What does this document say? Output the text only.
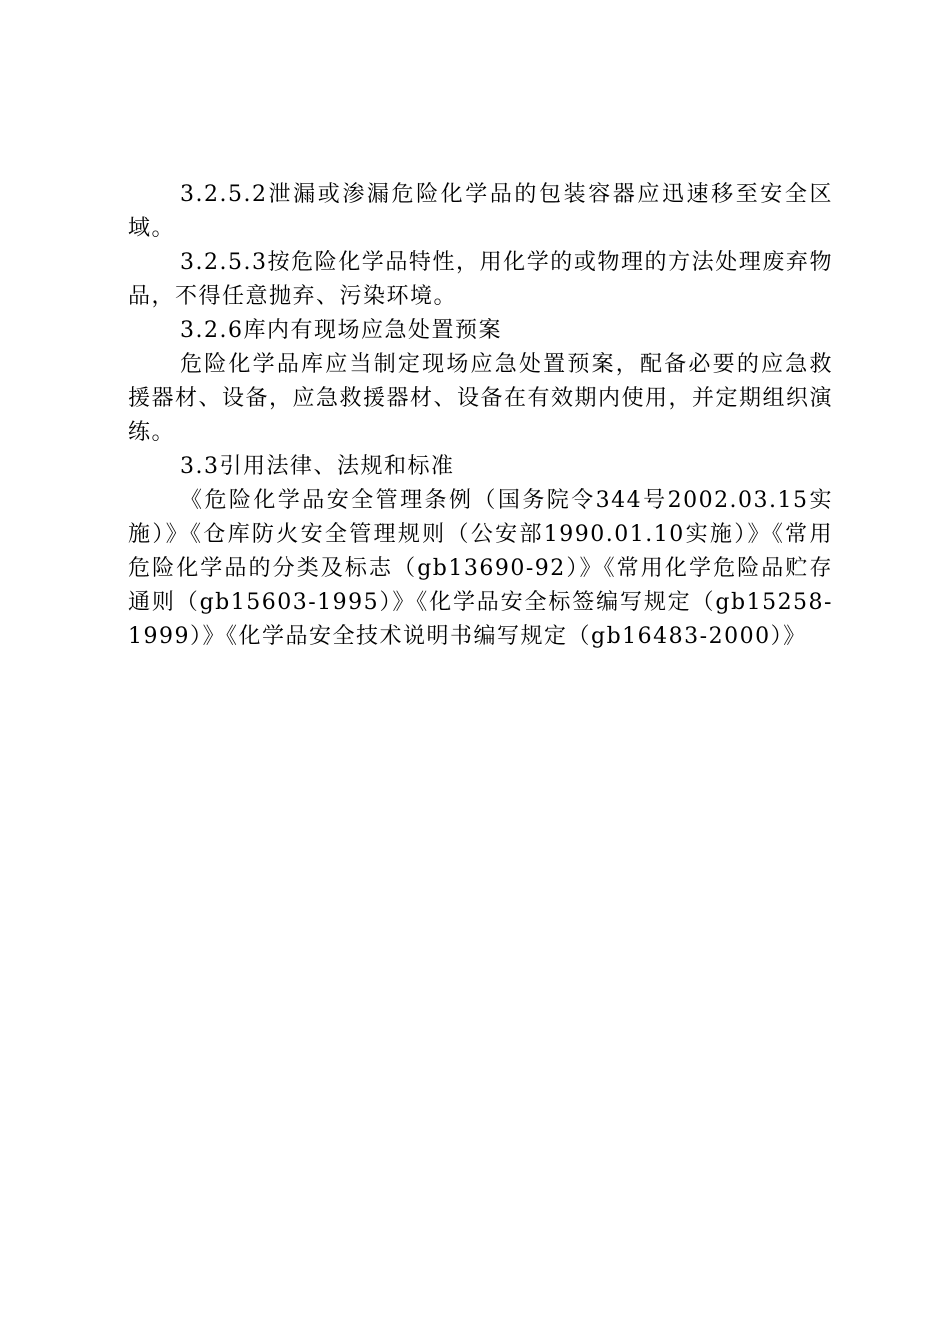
3.2.5.2泄漏或渗漏危险化学品的包装容器应迅速移至安全区域。

3.2.5.3按危险化学品特性，用化学的或物理的方法处理废弃物品，不得任意抛弃、污染环境。

3.2.6库内有现场应急处置预案

危险化学品库应当制定现场应急处置预案，配备必要的应急救援器材、设备，应急救援器材、设备在有效期内使用，并定期组织演练。

3.3引用法律、法规和标准

《危险化学品安全管理条例（国务院令344号2002.03.15实施）》《仓库防火安全管理规则（公安部1990.01.10实施）》《常用危险化学品的分类及标志（gb13690-92）》《常用化学危险品贮存通则（gb15603-1995）》《化学品安全标签编写规定（gb15258-1999）》《化学品安全技术说明书编写规定（gb16483-2000）》
